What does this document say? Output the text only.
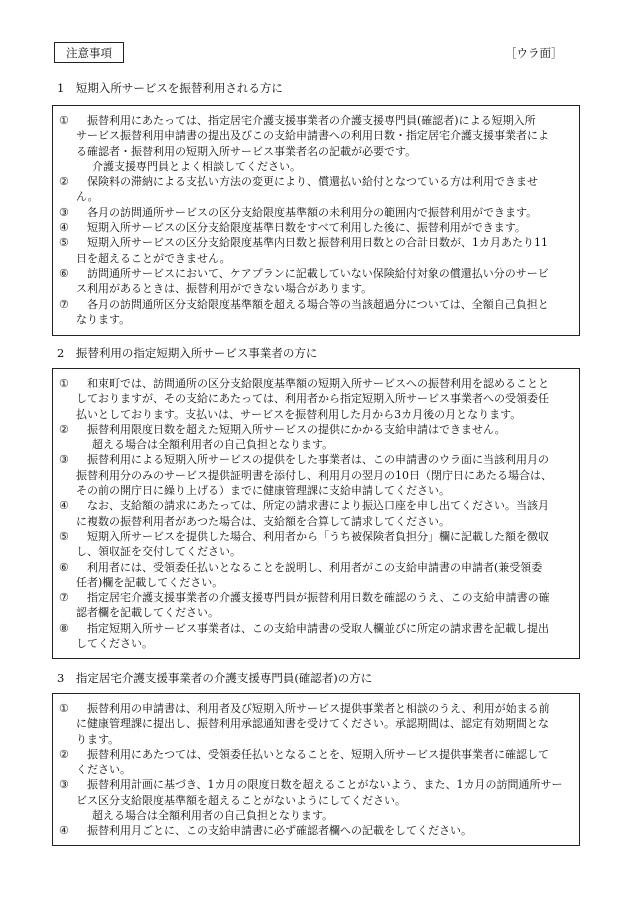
注意事項	［ウラ面］
1　短期入所サービスを振替利用される方に
① 　振替利用にあたっては、指定居宅介護支援事業者の介護支援専門員(確認者)による短期入所
サービス振替利用申請書の提出及びこの支給申請書への利用日数・指定居宅介護支援事業者によ
る確認者・振替利用の短期入所サービス事業者名の記載が必要です。
介護支援専門員とよく相談してください。
② 　保険料の滞納による支払い方法の変更により、償還払い給付となつている方は利用できませ
ん。
③ 　各月の訪問通所サービスの区分支給限度基準額の未利用分の範囲内で振替利用ができます。
④ 　短期入所サービスの区分支給限度基準日数をすべて利用した後に、振替利用ができます。
⑤ 　短期入所サービスの区分支給限度基準内日数と振替利用日数との合計日数が、1カ月あたり11
日を超えることができません。
⑥ 　訪問通所サービスにおいて、ケアプランに記載していない保険給付対象の償還払い分のサービ
ス利用があるときは、振替利用ができない場合があります。
⑦ 　各月の訪問通所区分支給限度基準額を超える場合等の当該超過分については、全額自己負担と
なります。
2　振替利用の指定短期入所サービス事業者の方に
① 　和束町では、訪問通所の区分支給限度基準額の短期入所サービスへの振替利用を認めることと
しておりますが、その支給にあたっては、利用者から指定短期入所サービス事業者への受領委任
払いとしております。支払いは、サービスを振替利用した月から3カ月後の月となります。
② 　振替利用限度日数を超えた短期入所サービスの提供にかかる支給申請はできません。
超える場合は全額利用者の自己負担となります。
③ 　振替利用による短期入所サービスの提供をした事業者は、この申請書のウラ面に当該利用月の
振替利用分のみのサービス提供証明書を添付し、利用月の翌月の10日（閉庁日にあたる場合は、
その前の開庁日に繰り上げる）までに健康管理課に支給申請してください。
④ 　なお、支給額の請求にあたっては、所定の請求書により振込口座を申し出てください。当該月
に複数の振替利用者があつた場合は、支給額を合算して請求してください。
⑤ 　短期入所サービスを提供した場合、利用者から「うち被保険者負担分」欄に記載した額を徴収
し、領収証を交付してください。
⑥ 　利用者には、受領委任払いとなることを説明し、利用者がこの支給申請書の申請者(兼受領委
任者)欄を記載してください。
⑦ 　指定居宅介護支援事業者の介護支援専門員が振替利用日数を確認のうえ、この支給申請書の確
認者欄を記載してください。
⑧ 　指定短期入所サービス事業者は、この支給申請書の受取人欄並びに所定の請求書を記載し提出
してください。
3　指定居宅介護支援事業者の介護支援専門員(確認者)の方に
① 　振替利用の申請書は、利用者及び短期入所サービス提供事業者と相談のうえ、利用が始まる前
に健康管理課に提出し、振替利用承認通知書を受けてください。承認期間は、認定有効期間とな
ります。
② 　振替利用にあたつては、受領委任払いとなることを、短期入所サービス提供事業者に確認して
ください。
③ 　振替利用計画に基づき、1カ月の限度日数を超えることがないよう、また、1カ月の訪問通所サー
ビス区分支給限度基準額を超えることがないようにしてください。
超える場合は全額利用者の自己負担となります。
④ 　振替利用月ごとに、この支給申請書に必ず確認者欄への記載をしてください。
